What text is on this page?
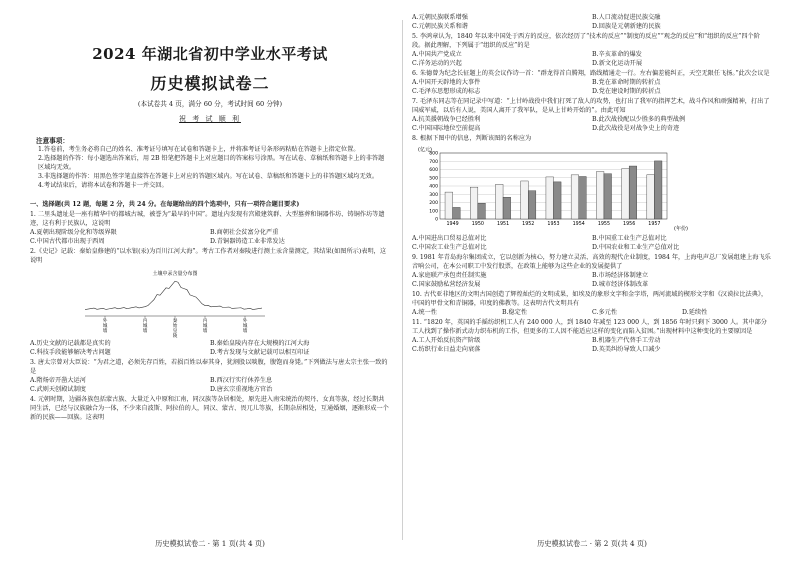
2024 年湖北省初中学业水平考试
历史模拟试卷二
(本试卷共 4 页，满分 60 分，考试时间 60 分钟)
祝 考 试 顺 利
注意事项：
1.答卷前，考生务必将自己的姓名、准考证号填写在试卷和答题卡上，并将准考证号条形码粘贴在答题卡上指定位置。
2.选择题的作答：每小题选出答案后，用 2B 铅笔把答题卡上对应题目的答案标号涂黑。写在试卷、草稿纸和答题卡上的非答题区域均无效。
3.非选择题的作答：用黑色签字笔直接答在答题卡上对应的答题区域内。写在试卷、草稿纸和答题卡上的非答题区域均无效。
4.考试结束后，请将本试卷和答题卡一并交回。
一、选择题(共 12 题，每题 2 分，共 24 分。在每题给出的四个选项中，只有一项符合题目要求)
1. 二里头遗址是一座有精华中的都城古城，被誉为“最早的中国”。遗址内发现有宫殿建筑群、大型墓葬和铜器作坊、铸铜作坊等遗迹，这有利于民族认，这说明
A.夏朝出现阶级分化和等级界限	B.商朝社会贫富分化严重
C.中国古代都市出现于西周	D.青铜器铸造工业非常发达
2.《史记》记载：秦始皇修建的“以水银(汞)为百川江河大海”。考古工作者对秦陵进行测土汞含量测定，其结果(如图所示)表明，这说明
土壤中汞含量分布图
外
城
墙
内
城
墙
秦
始
皇
陵
内
城
墙
外
城
墙
A.历史文献的记载都是真实的	B.秦始皇陵内存在大规模的江河大海
C.科技手段能够解决考古问题	D.考古发现与文献记载可以相互印证
3. 唐太宗曾对大臣说：“为君之道，必须先存百姓，若损百姓以奉其身，犹割股以啖腹，腹饱而身毙。”下列做法与唐太宗主张一致的是
A.隋炀帝开凿大运河	B.西汉行实行休养生息
C.武则天创殿试制度	D.唐玄宗重视地方官治
4. 元朝时期，边疆各族包括蒙古族、大量迁入中原和江南，同汉族等杂居相处，原先进入南宋统治的契丹、女真等族，经过长期共同生活，已经与汉族融合为一体，不少来自波斯、阿拉伯的人，同汉、蒙古、畏兀儿等族，长期杂居相处，互通婚姻，逐渐形成一个新的民族——回族。这表明
历史模拟试卷二 · 第 1 页(共 4 页)
A.元朝民族联系增强	B.人口流动促进民族交融
C.元朝民族关系和谐	D.回族是元朝新建的民族
5. 李鸿章认为，1840 年以来中国处于西方的反应，依次经历了“技术的反应”“制度的反应”“观念的反应”和“组织的反应”四个阶段。据此理解，下列属于“组织的反应”的是
A.中国共产党成立	B.辛亥革命的爆发
C.洋务运动的兴起	D.新文化运动开展
6. 朱德曾为纪念长征题上的英会议作诗一首：“群龙得首自腾翔，路线精通走一行。左右偏差能纠正，天空无限任飞扬。”此次会议是
A.中国开天辟地的大事件	B.党在革命时期的转折点
C.毛泽东思想形成的标志	D.党在建设时期的转折点
7. 毛泽东同志等在同记录中写道：“上甘岭战役中我们打死了敌人的攻势，也打出了我军的指挥艺术，战斗作风和顽强精神，打出了国威军威，以后有人说，美国人离开了我军队，是从上甘岭开始的”。由此可知
A.抗美援朝战争已经胜利	B.此次战役配以少胜多的典型战例
C.中国国际地位空前提高	D.此次战役是对战争史上的奇迹
8. 根据下图中的信息，判断该图的名称应为
1949	1950	1951	1952	1953	1954	1955	1956	1957
0
100
200
300
400
500
600
700
800
(亿元)
(年份)
A.中国进出口贸易总值对比	B.中国重工业生产总值对比
C.中国农工业生产总值对比	D.中国农业和工业生产总值对比
9. 1981 年青岛海尔集团成立，它以创新为核心，努力建立灵活、高效的现代企业制度，1984 年，上海电声总厂发展组建上海飞乐音响公司，在本公司职工中发行股票，在政策上能够为这些企业的发展提供了
A.家庭联产承包责任制实施	B.市场经济体制建立
C.国家鼓励私营经济发展	D.城市经济体制改革
10. 古代亚非地区的文明古国创造了辉煌灿烂的文明成果，如埃及的象形文字和金字塔，两河流域的楔形文字和《汉谟拉比法典》，中国的甲骨文和青铜器，印度的佛教等。这表明古代文明具有
A.统一性	B.稳定性	C.多元性	D.延续性
11. “1820 年，英国的手摇纺织机工人有 240 000 人，到 1840 年减至 123 000 人，到 1856 年时只剩下 3000 人。其中部分工人找到了操作新式动力织布机的工作，但更多的工人因不能适应这样的变化而陷入贫困。”出现材料中这种变化的主要原因是
A.工人开始反抗资产阶级	B.机器生产代替手工劳动
C.纺织行业日益走向衰落	D.英美纠纷导致人口减少
历史模拟试卷二 · 第 2 页(共 4 页)
